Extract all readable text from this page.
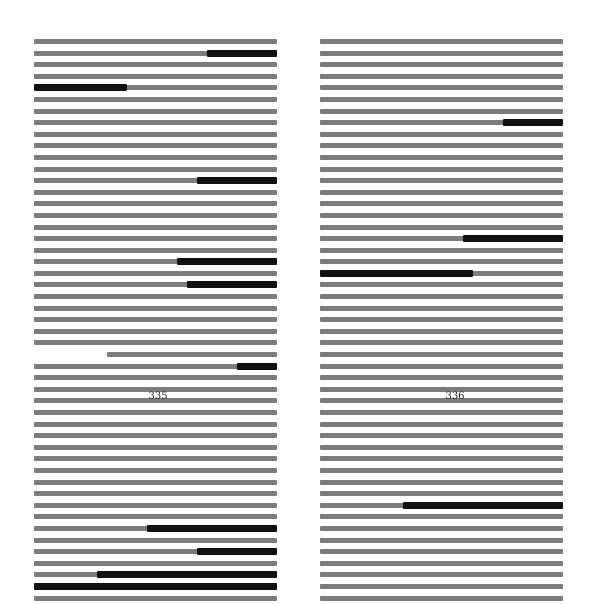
335	336
